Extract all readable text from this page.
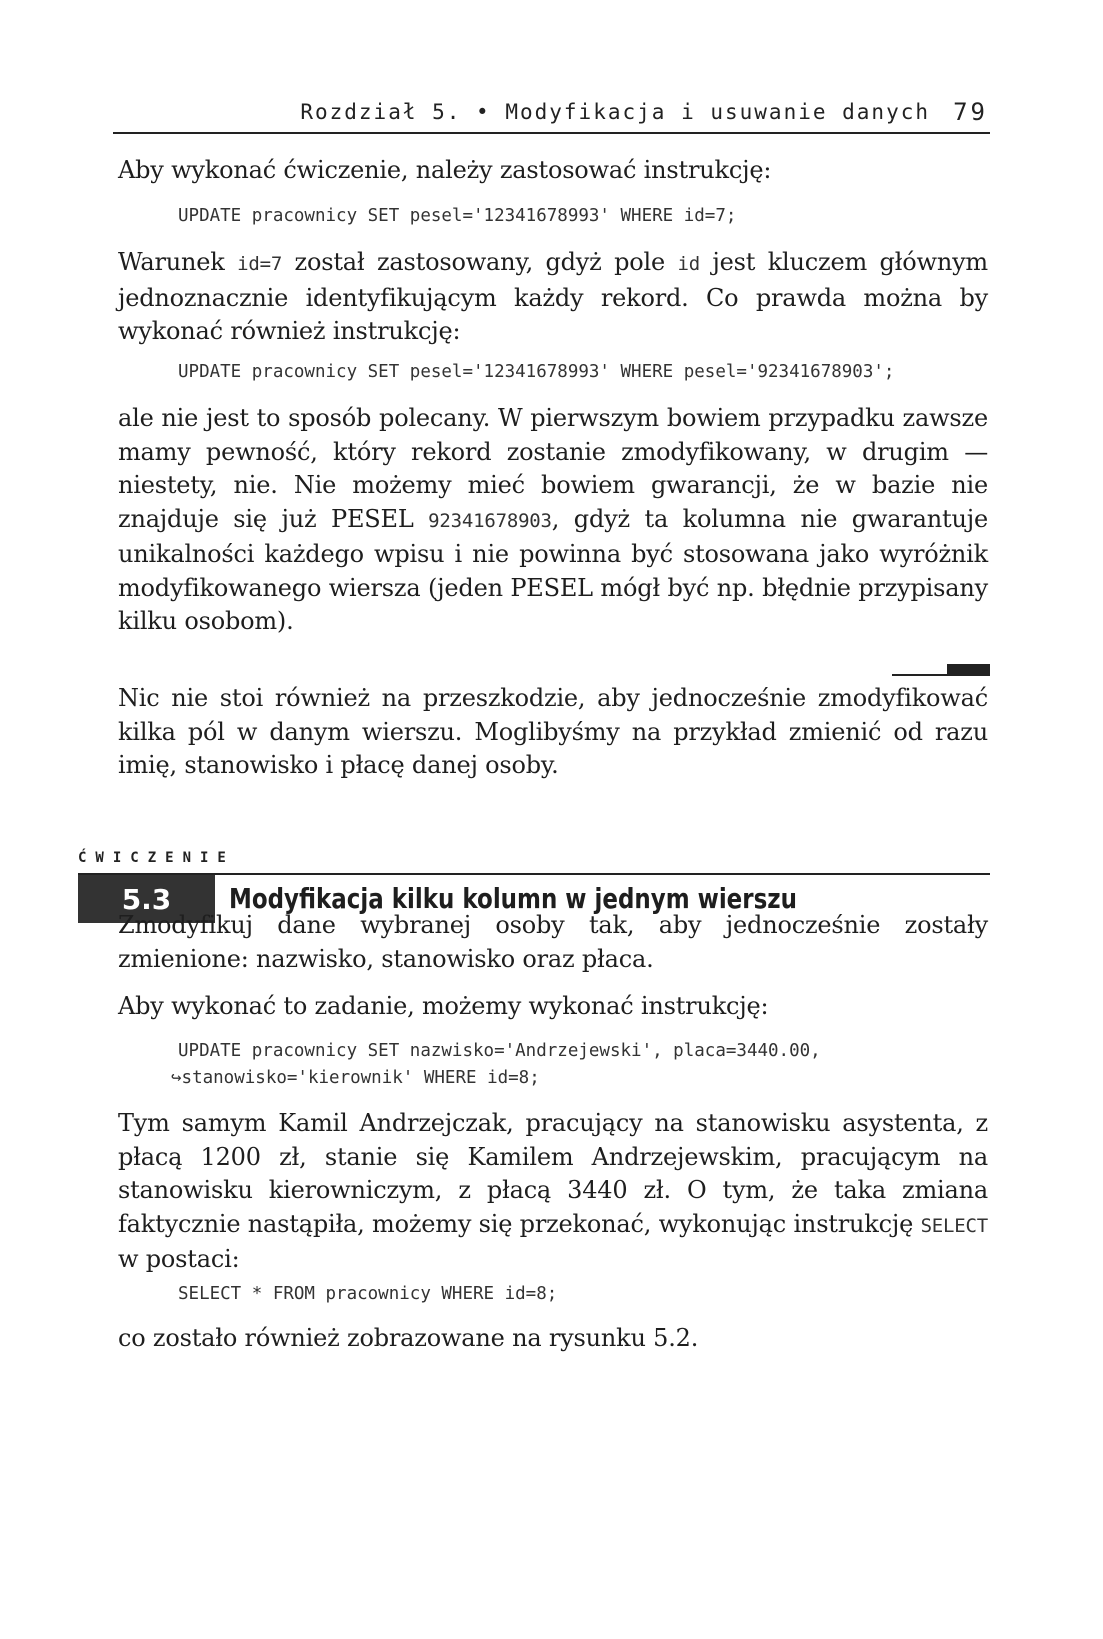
Rozdział 5. • Modyfikacja i usuwanie danych 79

Aby wykonać ćwiczenie, należy zastosować instrukcję:

UPDATE pracownicy SET pesel='12341678993' WHERE id=7;

Warunek id=7 został zastosowany, gdyż pole id jest kluczem głównym jednoznacznie identyfikującym każdy rekord. Co prawda można by wykonać również instrukcję:

UPDATE pracownicy SET pesel='12341678993' WHERE pesel='92341678903';

ale nie jest to sposób polecany. W pierwszym bowiem przypadku zawsze mamy pewność, który rekord zostanie zmodyfikowany, w drugim — niestety, nie. Nie możemy mieć bowiem gwarancji, że w bazie nie znajduje się już PESEL 92341678903, gdyż ta kolumna nie gwarantuje unikalności każdego wpisu i nie powinna być stosowana jako wyróżnik modyfikowanego wiersza (jeden PESEL mógł być np. błędnie przypisany kilku osobom).

Nic nie stoi również na przeszkodzie, aby jednocześnie zmodyfikować kilka pól w danym wierszu. Moglibyśmy na przykład zmienić od razu imię, stanowisko i płacę danej osoby.

ĆWICZENIE
5.3 Modyfikacja kilku kolumn w jednym wierszu

Zmodyfikuj dane wybranej osoby tak, aby jednocześnie zostały zmienione: nazwisko, stanowisko oraz płaca.

Aby wykonać to zadanie, możemy wykonać instrukcję:

UPDATE pracownicy SET nazwisko='Andrzejewski', placa=3440.00,
↪stanowisko='kierownik' WHERE id=8;

Tym samym Kamil Andrzejczak, pracujący na stanowisku asystenta, z płacą 1200 zł, stanie się Kamilem Andrzejewskim, pracującym na stanowisku kierowniczym, z płacą 3440 zł. O tym, że taka zmiana faktycznie nastąpiła, możemy się przekonać, wykonując instrukcję SELECT w postaci:

SELECT * FROM pracownicy WHERE id=8;

co zostało również zobrazowane na rysunku 5.2.
